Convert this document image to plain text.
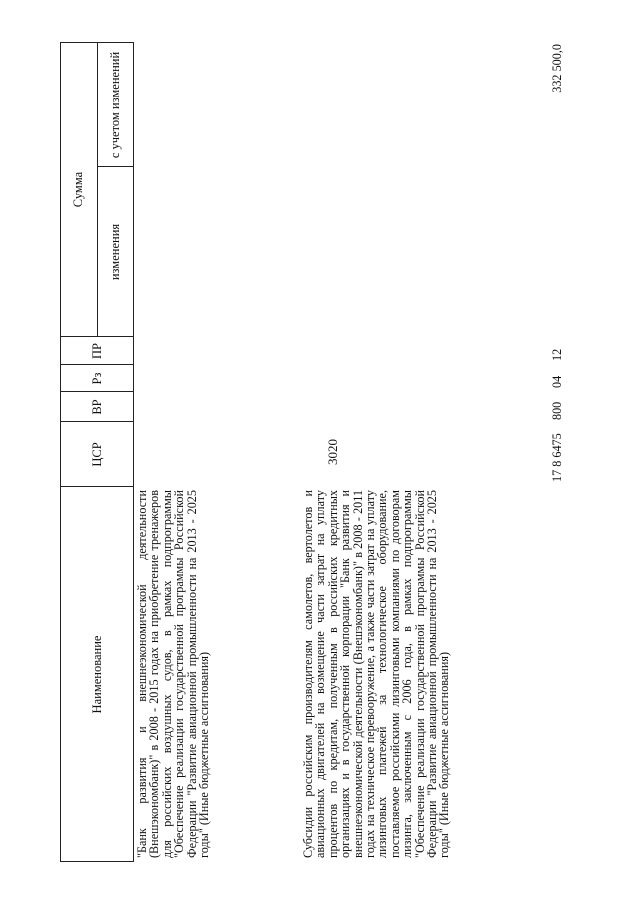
3020
Наименование
ЦСР
ВР
Рз
ПР
Сумма
изменения
с учетом изменений
"Банк развития и внешнеэкономической деятельности (Внешэкономбанк)" в 2008 - 2015 годах на приобретение тренажеров для российских воздушных судов, в рамках подпрограммы "Обеспечение реализации государственной программы Российской Федерации "Развитие авиационной промышленности на 2013 - 2025 годы" (Иные бюджетные ассигнования)	Субсидии российским производителям самолетов, вертолетов и авиационных двигателей на возмещение части затрат на уплату процентов по кредитам, полученным в российских кредитных организациях и в государственной корпорации "Банк развития и внешнеэкономической деятельности (Внешэкономбанк)" в 2008 - 2011 годах на техническое перевооружение, а также части затрат на уплату лизинговых платежей за технологическое оборудование, поставляемое российскими лизинговыми компаниями по договорам лизинга, заключенным с 2006 года, в рамках подпрограммы "Обеспечение реализации государственной программы Российской Федерации "Развитие авиационной промышленности на 2013 - 2025 годы" (Иные бюджетные ассигнования)
17 8 6475
800
04
12
332 500,0
